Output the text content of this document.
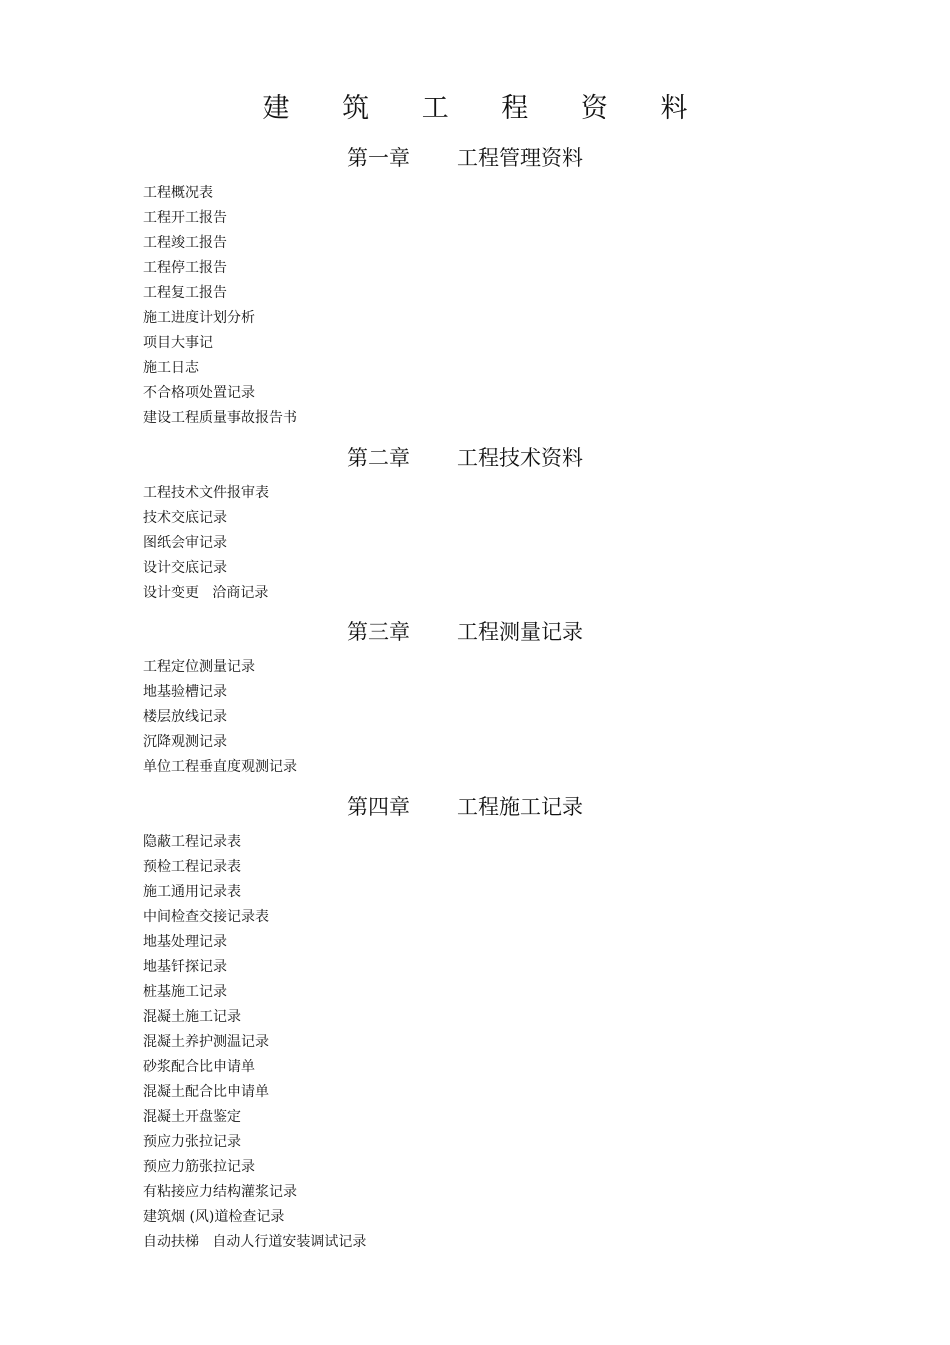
建 筑 工 程 资 料
第一章 工程管理资料
工程概况表
工程开工报告
工程竣工报告
工程停工报告
工程复工报告
施工进度计划分析
项目大事记
施工日志
不合格项处置记录
建设工程质量事故报告书
第二章 工程技术资料
工程技术文件报审表
技术交底记录
图纸会审记录
设计交底记录
设计变更   洽商记录
第三章 工程测量记录
工程定位测量记录
地基验槽记录
楼层放线记录
沉降观测记录
单位工程垂直度观测记录
第四章 工程施工记录
隐蔽工程记录表
预检工程记录表
施工通用记录表
中间检查交接记录表
地基处理记录
地基钎探记录
桩基施工记录
混凝土施工记录
混凝土养护测温记录
砂浆配合比申请单
混凝土配合比申请单
混凝土开盘鉴定
预应力张拉记录
预应力筋张拉记录
有粘接应力结构灌浆记录
建筑烟 (风)道检查记录
自动扶梯   自动人行道安装调试记录
